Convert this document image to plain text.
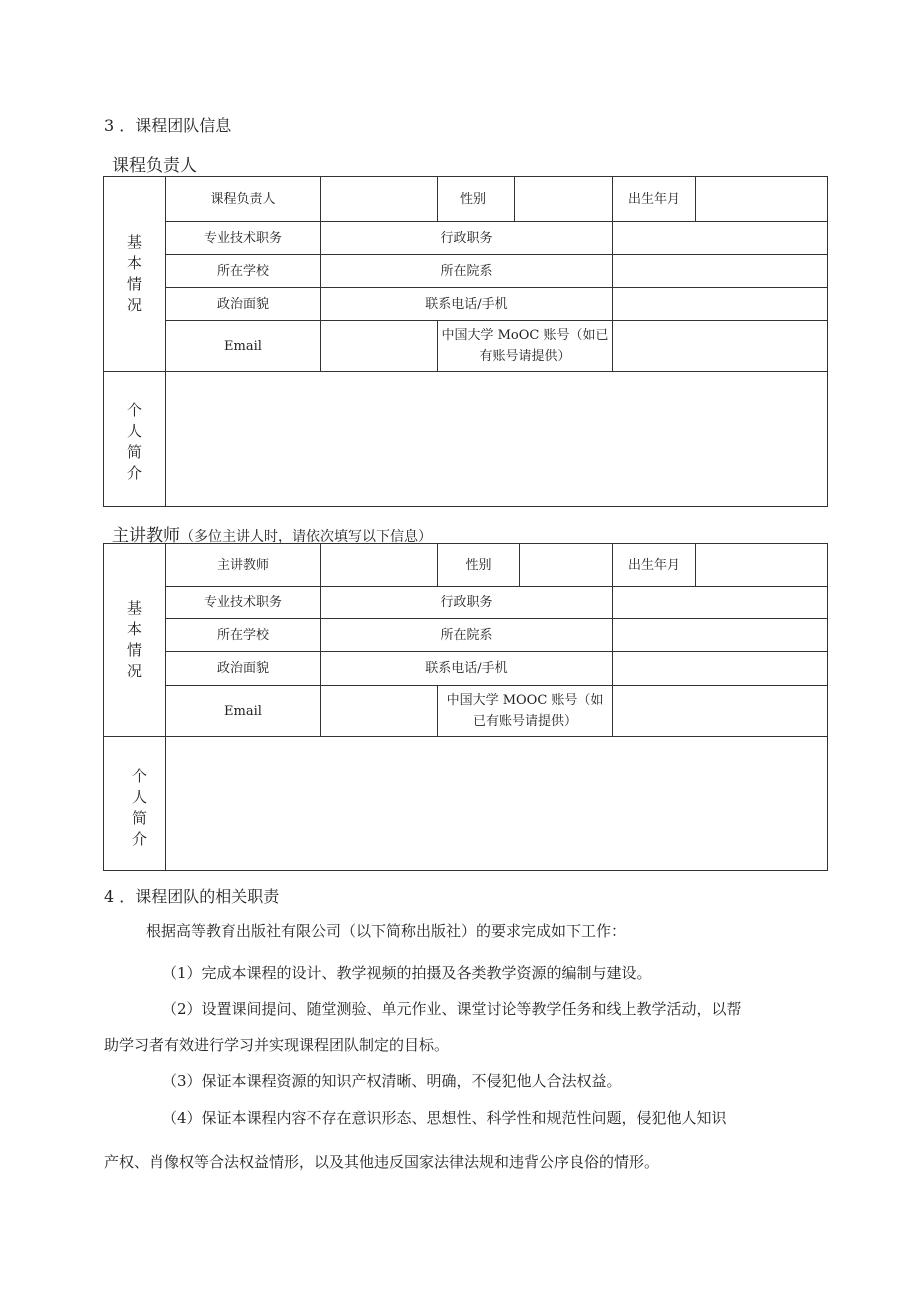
3 ．课程团队信息
课程负责人
基本情况	课程负责人		性别		出生年月	
	专业技术职务	行政职务				
	所在学校	所在院系				
	政治面貌	联系电话/手机				
	Email		中国大学 MoOC 账号（如已有账号请提供）			
个人简介						
主讲教师（多位主讲人时，请依次填写以下信息）
基本情况	主讲教师		性别		出生年月	
	专业技术职务	行政职务				
	所在学校	所在院系				
	政治面貌	联系电话/手机				
	Email		中国大学 MOOC 账号（如已有账号请提供）			
个人简介						
4 ．课程团队的相关职责
根据高等教育出版社有限公司（以下简称出版社）的要求完成如下工作：
（1）完成本课程的设计、教学视频的拍摄及各类教学资源的编制与建设。
（2）设置课间提问、随堂测验、单元作业、课堂讨论等教学任务和线上教学活动，以帮
助学习者有效进行学习并实现课程团队制定的目标。
（3）保证本课程资源的知识产权清晰、明确，不侵犯他人合法权益。
（4）保证本课程内容不存在意识形态、思想性、科学性和规范性问题，侵犯他人知识
产权、肖像权等合法权益情形，以及其他违反国家法律法规和违背公序良俗的情形。
